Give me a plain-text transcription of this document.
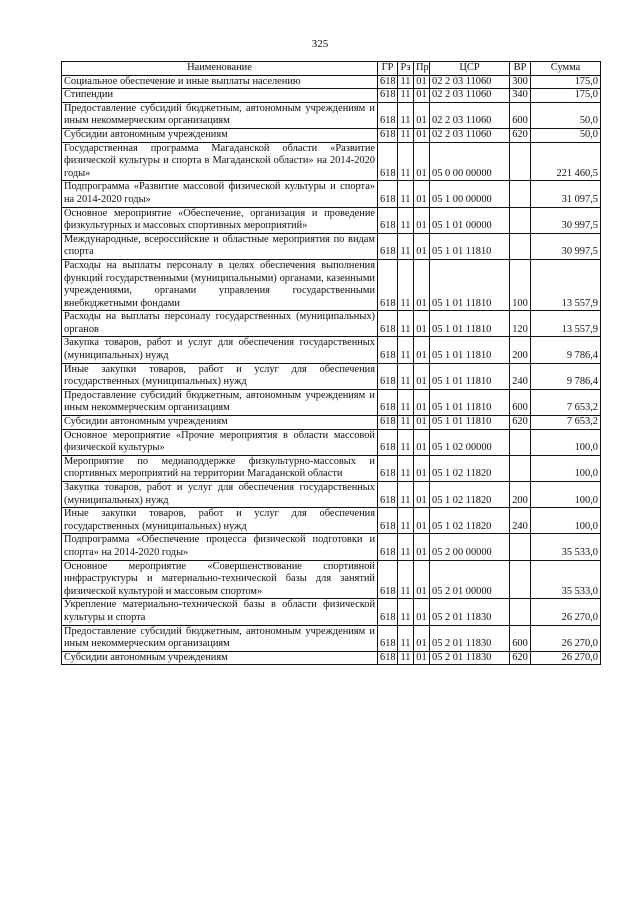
325
Наименование	ГР	Рз	Пр	ЦСР	ВР	Сумма
Социальное обеспечение и иные выплаты населению	618	11	01	02 2 03 11060	300	175,0
Стипендии	618	11	01	02 2 03 11060	340	175,0
Предоставление субсидий бюджетным, автономным учреждениям и иным некоммерческим организациям	618	11	01	02 2 03 11060	600	50,0
Субсидии автономным учреждениям	618	11	01	02 2 03 11060	620	50,0
Государственная программа Магаданской области «Развитие физической культуры и спорта в Магаданской области» на 2014-2020 годы»	618	11	01	05 0 00 00000		221 460,5
Подпрограмма «Развитие массовой физической культуры и спорта» на 2014-2020 годы»	618	11	01	05 1 00 00000		31 097,5
Основное мероприятие «Обеспечение, организация и проведение физкультурных и массовых спортивных мероприятий»	618	11	01	05 1 01 00000		30 997,5
Международные, всероссийские и областные мероприятия по видам спорта	618	11	01	05 1 01 11810		30 997,5
Расходы на выплаты персоналу в целях обеспечения выполнения функций государственными (муниципальными) органами, казенными учреждениями, органами управления государственными внебюджетными фондами	618	11	01	05 1 01 11810	100	13 557,9
Расходы на выплаты персоналу государственных (муниципальных) органов	618	11	01	05 1 01 11810	120	13 557,9
Закупка товаров, работ и услуг для обеспечения государственных (муниципальных) нужд	618	11	01	05 1 01 11810	200	9 786,4
Иные закупки товаров, работ и услуг для обеспечения государственных (муниципальных) нужд	618	11	01	05 1 01 11810	240	9 786,4
Предоставление субсидий бюджетным, автономным учреждениям и иным некоммерческим организациям	618	11	01	05 1 01 11810	600	7 653,2
Субсидии автономным учреждениям	618	11	01	05 1 01 11810	620	7 653,2
Основное мероприятие «Прочие мероприятия в области массовой физической культуры»	618	11	01	05 1 02 00000		100,0
Мероприятие по медиаподдержке физкультурно-массовых и спортивных мероприятий на территории Магаданской области	618	11	01	05 1 02 11820		100,0
Закупка товаров, работ и услуг для обеспечения государственных (муниципальных) нужд	618	11	01	05 1 02 11820	200	100,0
Иные закупки товаров, работ и услуг для обеспечения государственных (муниципальных) нужд	618	11	01	05 1 02 11820	240	100,0
Подпрограмма «Обеспечение процесса физической подготовки и спорта» на 2014-2020 годы»	618	11	01	05 2 00 00000		35 533,0
Основное мероприятие «Совершенствование спортивной инфраструктуры и материально-технической базы для занятий физической культурой и массовым спортом»	618	11	01	05 2 01 00000		35 533,0
Укрепление материально-технической базы в области физической культуры и спорта	618	11	01	05 2 01 11830		26 270,0
Предоставление субсидий бюджетным, автономным учреждениям и иным некоммерческим организациям	618	11	01	05 2 01 11830	600	26 270,0
Субсидии автономным учреждениям	618	11	01	05 2 01 11830	620	26 270,0
